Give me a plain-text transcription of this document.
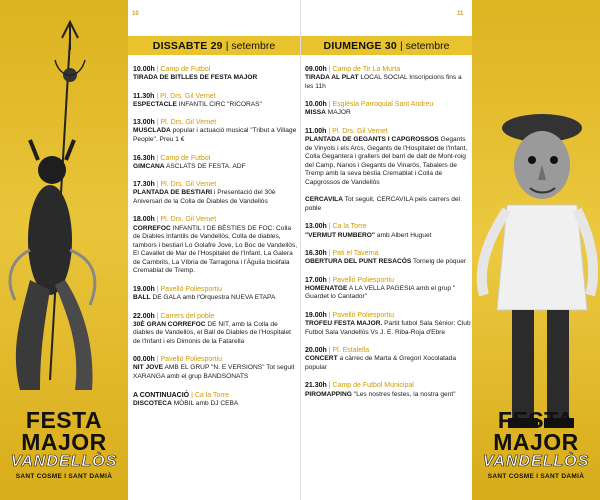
10	11
DISSABTE 29 | setembre	DIUMENGE 30 | setembre
10.00h | Camp de Futbol
TIRADA DE BITLLES DE FESTA MAJOR
11.30h | Pl. Drs. Gil Vernet
ESPECTACLE INFANTIL CIRC "RICORAS"
13.00h | Pl. Drs. Gil Vernet
MUSCLADA popular i actuació musical "Tribut a Village People". Preu 1 €
16.30h | Camp de Futbol
GIMCANA ASCLATS DE FESTA. ADF
17.30h | Pl. Drs. Gil Vernet
PLANTADA DE BESTIARI i Presentació del 30è Aniversari de la Colla de Diables de Vandellòs
18.00h | Pl. Drs. Gil Vernet
CORREFOC INFANTIL I DE BÈSTIES DE FOC: Colla de Diables Infantils de Vandellòs, Colla de diables, tambors i bestiari Lo Golafre Jove, Lo Boc de Vandellòs, El Cavallet de Mar de l'Hospitalet de l'Infant, La Galera de Cambrils, La Víbria de Tarragona i l'Àguila bicèfala Cremablat de Tremp.
19.00h | Pavelló Poliesportiu
BALL DE GALA amb l'Orquestra NUEVA ETAPA
22.00h | Carrers del poble
30È GRAN CORREFOC DE NIT, amb la Colla de diables de Vandellòs, el Ball de Diables de l'Hospitalet de l'Infant i els Dimonis de la Fatarella
00.00h | Pavelló Poliesportiu
NIT JOVE AMB EL GRUP "N. E VERSIONS" Tot seguit XARANGA amb el grup BANDSONATS
A CONTINUACIÓ | Ca la Torre
DISCOTECA MÒBIL amb DJ CEBA
09.00h | Camp de Tir La Murta
TIRADA AL PLAT LOCAL SOCIAL Inscripcions fins a les 11h
10.00h | Església Parroquial Sant Andreu
MISSA MAJOR
11.00h | Pl. Drs. Gil Vernet
PLANTADA DE GEGANTS I CAPGROSSOS Gegants de Vinyols i els Arcs, Gegants de l'Hospitalet de l'Infant, Colla Gegantera i grallers del barri de dalt de Mont-roig del Camp, Nanos i Gegants de Vinaròs, Tabalers de Tremp amb la seva bèstia Cremablat i Colla de Capgrossos de Vandellòs
CERCAVILA Tot seguit, CERCAVILA pels carrers del poble
13.00h | Ca la Torre
"VERMUT RUMBERO" amb Albert Huguet
16.30h | Pati el Taverna
OBERTURA DEL PUNT RESACÓS Torneig de pòquer
17.00h | Pavelló Poliesportiu
HOMENATGE A LA VELLA PAGESIA amb el grup " Guardet lo Cantador"
19.00h | Pavelló Poliesportiu
TROFEU FESTA MAJOR. Partit futbol Sala Sènior: Club Futbol Sala Vandellòs Vs J. E. Riba-Roja d'Ebre
20.00h | Pl. Estalella
CONCERT a càrrec de Marta & Gregori Xocolatada popular
21.30h | Camp de Futbol Municipal
PIROMAPPING "Les nostres festes, la nostra gent"
FESTA
MAJOR
VANDELLÒS
SANT COSME I SANT DAMIÀ
FESTA
MAJOR
VANDELLÒS
SANT COSME I SANT DAMIÀ
